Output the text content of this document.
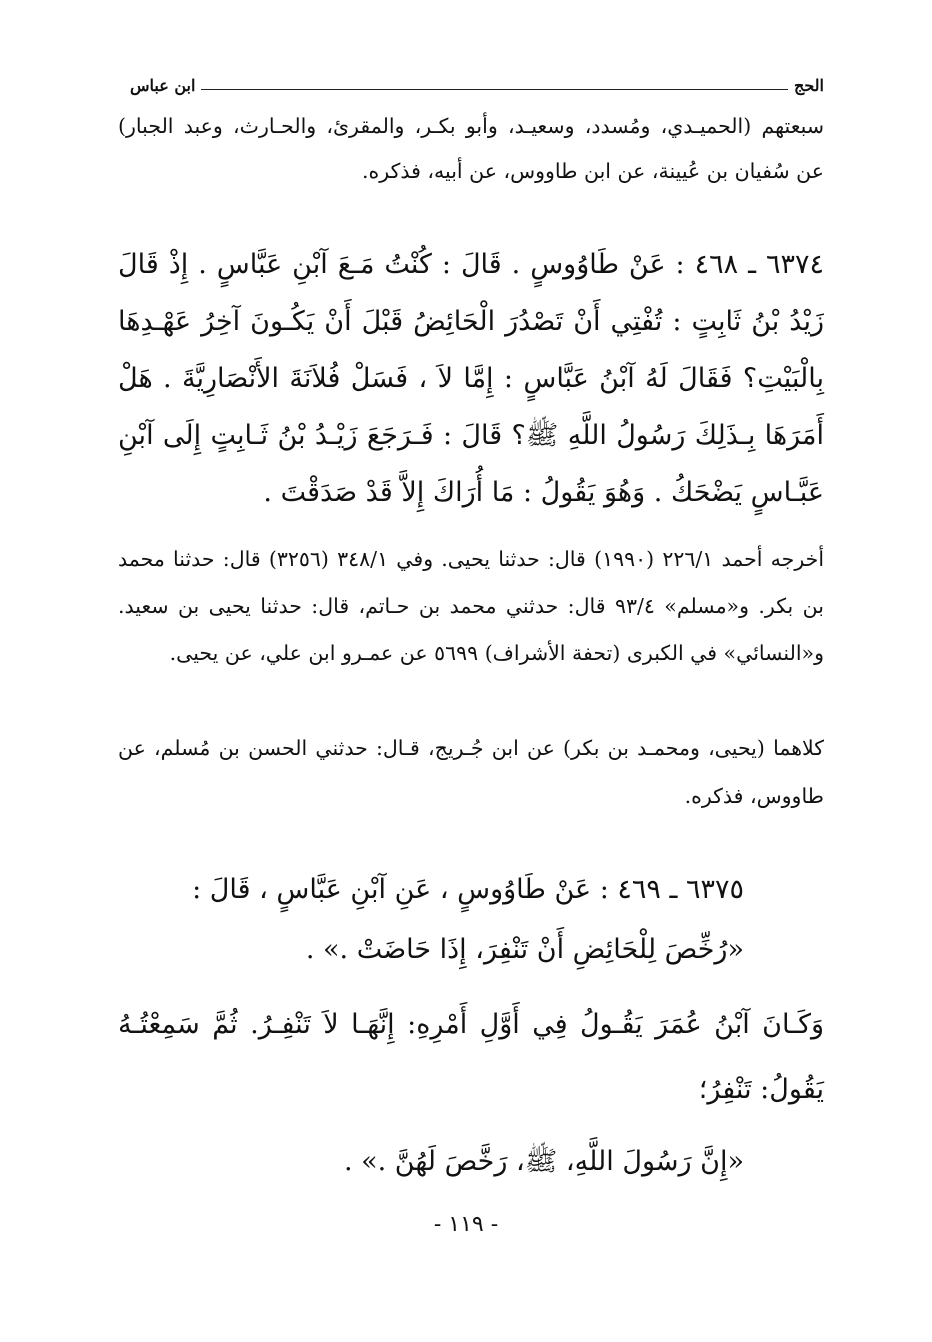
الحج
ابن عباس

سبعتهم (الحميـدي، ومُسدد، وسعيـد، وأبو بكـر، والمقرئ، والحـارث، وعبد الجبار) عن سُفيان بن عُيينة، عن ابن طاووس، عن أبيه، فذكره.

٦٣٧٤ ـ ٤٦٨ : عَنْ طَاوُوسٍ . قَالَ : كُنْتُ مَـعَ آبْنِ عَبَّاسٍ . إِذْ قَالَ زَيْدُ بْنُ ثَابِتٍ : تُفْتِي أَنْ تَصْدُرَ الْحَائِضُ قَبْلَ أَنْ يَكُـونَ آخِرُ عَهْـدِهَا بِالْبَيْتِ؟ فَقَالَ لَهُ آبْنُ عَبَّاسٍ : إِمَّا لاَ ، فَسَلْ فُلاَنَةَ الأَنْصَارِيَّةَ . هَلْ أَمَرَهَا بِـذَلِكَ رَسُولُ اللَّهِ ﷺ؟ قَالَ : فَـرَجَعَ زَيْـدُ بْنُ ثَـابِتٍ إِلَى آبْنِ عَبَّـاسٍ يَضْحَكُ . وَهُوَ يَقُولُ : مَا أُرَاكَ إِلاَّ قَدْ صَدَقْتَ .

أخرجه أحمد ٢٢٦/١ (١٩٩٠) قال: حدثنا يحيى. وفي ٣٤٨/١ (٣٢٥٦) قال: حدثنا محمد بن بكر. و«مسلم» ٩٣/٤ قال: حدثني محمد بن حـاتم، قال: حدثنا يحيى بن سعيد. و«النسائي» في الكبرى (تحفة الأشراف) ٥٦٩٩ عن عمـرو ابن علي، عن يحيى.

كلاهما (يحيى، ومحمـد بن بكر) عن ابن جُـريج، قـال: حدثني الحسن بن مُسلم، عن طاووس، فذكره.

٦٣٧٥ ـ ٤٦٩ : عَنْ طَاوُوسٍ ، عَنِ آبْنِ عَبَّاسٍ ، قَالَ :

«رُخِّصَ لِلْحَائِضِ أَنْ تَنْفِرَ، إِذَا حَاضَتْ .» .

وَكَـانَ آبْنُ عُمَرَ يَقُـولُ فِي أَوَّلِ أَمْرِهِ: إِنَّهَـا لاَ تَنْفِـرُ. ثُمَّ سَمِعْتُـهُ يَقُولُ: تَنْفِرُ؛

«إِنَّ رَسُولَ اللَّهِ، ﷺ، رَخَّصَ لَهُنَّ .» .

- ١١٩ -
